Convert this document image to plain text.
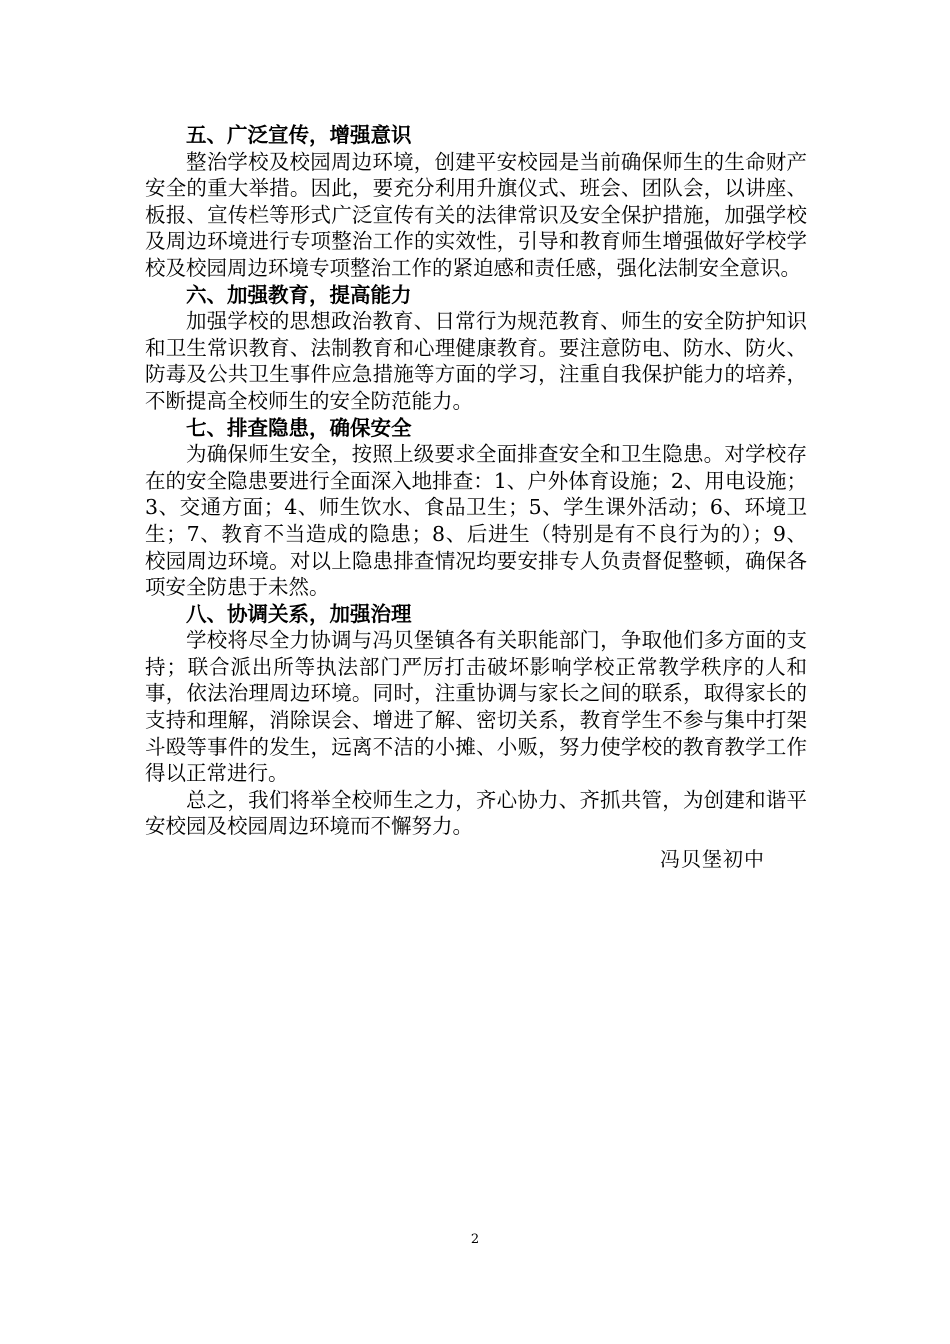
五、广泛宣传，增强意识

整治学校及校园周边环境，创建平安校园是当前确保师生的生命财产安全的重大举措。因此，要充分利用升旗仪式、班会、团队会，以讲座、板报、宣传栏等形式广泛宣传有关的法律常识及安全保护措施，加强学校及周边环境进行专项整治工作的实效性，引导和教育师生增强做好学校学校及校园周边环境专项整治工作的紧迫感和责任感，强化法制安全意识。

六、加强教育，提高能力

加强学校的思想政治教育、日常行为规范教育、师生的安全防护知识和卫生常识教育、法制教育和心理健康教育。要注意防电、防水、防火、防毒及公共卫生事件应急措施等方面的学习，注重自我保护能力的培养，不断提高全校师生的安全防范能力。

七、排查隐患，确保安全

为确保师生安全，按照上级要求全面排查安全和卫生隐患。对学校存在的安全隐患要进行全面深入地排查：1、户外体育设施；2、用电设施；3、交通方面；4、师生饮水、食品卫生；5、学生课外活动；6、环境卫生；7、教育不当造成的隐患；8、后进生（特别是有不良行为的）；9、校园周边环境。对以上隐患排查情况均要安排专人负责督促整顿，确保各项安全防患于未然。

八、协调关系，加强治理

学校将尽全力协调与冯贝堡镇各有关职能部门，争取他们多方面的支持；联合派出所等执法部门严厉打击破坏影响学校正常教学秩序的人和事，依法治理周边环境。同时，注重协调与家长之间的联系，取得家长的支持和理解，消除误会、增进了解、密切关系，教育学生不参与集中打架斗殴等事件的发生，远离不洁的小摊、小贩，努力使学校的教育教学工作得以正常进行。

总之，我们将举全校师生之力，齐心协力、齐抓共管，为创建和谐平安校园及校园周边环境而不懈努力。

冯贝堡初中
2
